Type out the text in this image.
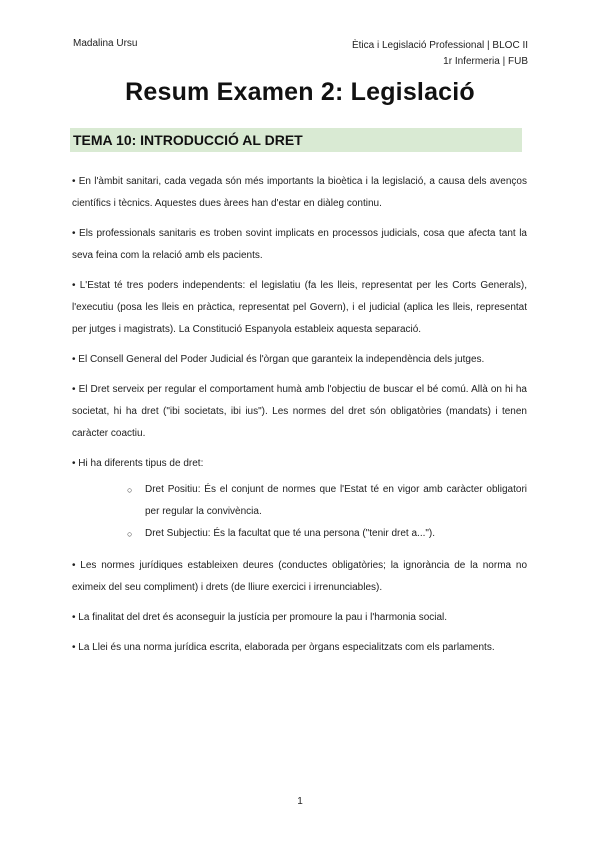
Madalina Ursu	Ètica i Legislació Professional | BLOC II
1r Infermeria | FUB
Resum Examen 2: Legislació
TEMA 10: INTRODUCCIÓ AL DRET

• En l'àmbit sanitari, cada vegada són més importants la bioètica i la legislació, a causa dels avenços científics i tècnics. Aquestes dues àrees han d'estar en diàleg continu.

• Els professionals sanitaris es troben sovint implicats en processos judicials, cosa que afecta tant la seva feina com la relació amb els pacients.

• L'Estat té tres poders independents: el legislatiu (fa les lleis, representat per les Corts Generals), l'executiu (posa les lleis en pràctica, representat pel Govern), i el judicial (aplica les lleis, representat per jutges i magistrats). La Constitució Espanyola estableix aquesta separació.

• El Consell General del Poder Judicial és l'òrgan que garanteix la independència dels jutges.

• El Dret serveix per regular el comportament humà amb l'objectiu de buscar el bé comú. Allà on hi ha societat, hi ha dret ("ibi societats, ibi ius"). Les normes del dret són obligatòries (mandats) i tenen caràcter coactiu.

• Hi ha diferents tipus de dret:

○ Dret Positiu: És el conjunt de normes que l'Estat té en vigor amb caràcter obligatori per regular la convivència.
○ Dret Subjectiu: És la facultat que té una persona ("tenir dret a...").

• Les normes jurídiques estableixen deures (conductes obligatòries; la ignorància de la norma no eximeix del seu compliment) i drets (de lliure exercici i irrenunciables).

• La finalitat del dret és aconseguir la justícia per promoure la pau i l'harmonia social.

• La Llei és una norma jurídica escrita, elaborada per òrgans especialitzats com els parlaments.

1
